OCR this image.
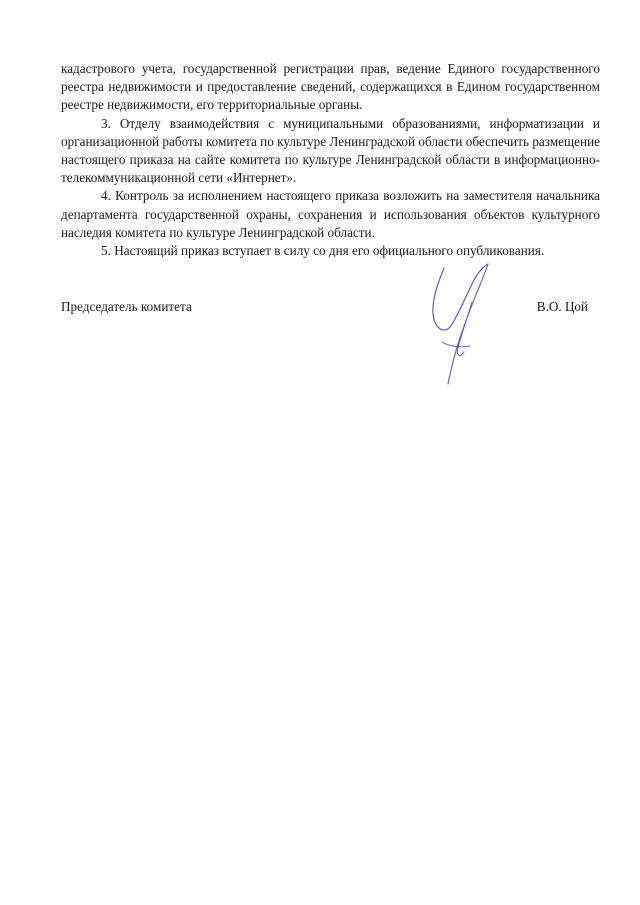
кадастрового учета, государственной регистрации прав, ведение Единого государственного реестра недвижимости и предоставление сведений, содержащихся в Едином государственном реестре недвижимости, его территориальные органы.

3. Отделу взаимодействия с муниципальными образованиями, информатизации и организационной работы комитета по культуре Ленинградской области обеспечить размещение настоящего приказа на сайте комитета по культуре Ленинградской области в информационно-телекоммуникационной сети «Интернет».

4. Контроль за исполнением настоящего приказа возложить на заместителя начальника департамента государственной охраны, сохранения и использования объектов культурного наследия комитета по культуре Ленинградской области.

5. Настоящий приказ вступает в силу со дня его официального опубликования.

Председатель комитета	В.О. Цой
